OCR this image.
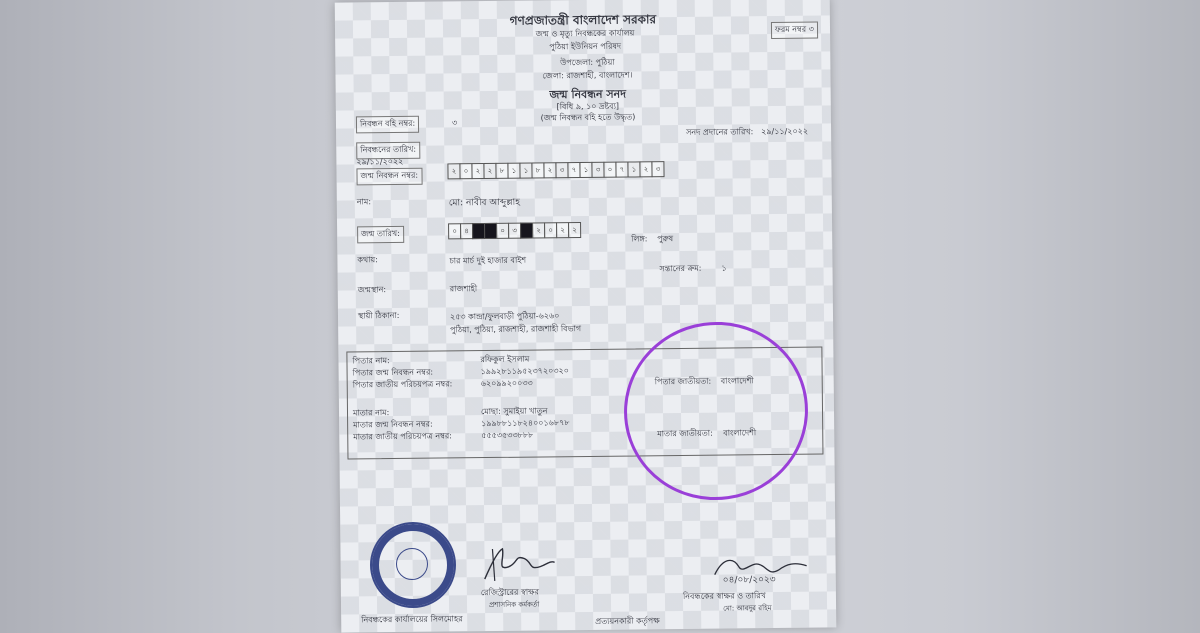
গণপ্রজাতন্ত্রী বাংলাদেশ সরকার
জন্ম ও মৃত্যু নিবন্ধকের কার্যালয়
পুঠিয়া ইউনিয়ন পরিষদ
উপজেলা: পুঠিয়া
জেলা: রাজশাহী, বাংলাদেশ।
জন্ম নিবন্ধন সনদ
[বিধি ৯, ১০ দ্রষ্টব্য]
(জন্ম নিবন্ধন বহি হতে উদ্ধৃত)
ফরম নম্বর ৩
নিবন্ধন বহি নম্বর:	৩
সনদ প্রদানের তারিখ: ২৯/১১/২০২২
নিবন্ধনের তারিখ:
২৯/১১/২০২২
জন্ম নিবন্ধন নম্বর:	২	০	২	২	৮	১	১	৮	২	৩	৭	১	৩	০	৭	১	২	৩
নাম:	মো: নাবীব আব্দুল্লাহ
জন্ম তারিখ:	০	৪	০	৩	২	০	২	২
লিঙ্গ: পুরুষ
কথায়:	চার মার্চ দুই হাজার বাইশ
সন্তানের ক্রম:	১
জন্মস্থান:	রাজশাহী
স্থায়ী ঠিকানা:	২৫৩ কান্দ্রা/ফুলবাড়ী পুঠিয়া-৬২৬০
পুঠিয়া, পুঠিয়া, রাজশাহী, রাজশাহী বিভাগ
পিতার নাম:	রফিকুল ইসলাম
পিতার জন্ম নিবন্ধন নম্বর:	১৯৯২৮১১৯৫২৩৭২০৩২০
পিতার জাতীয় পরিচয়পত্র নম্বর:	৬২০৯৯২০০৩৩	পিতার জাতীয়তা: বাংলাদেশী
মাতার নাম:	মোছা: সুমাইয়া খাতুন
মাতার জন্ম নিবন্ধন নম্বর:	১৯৯৮৮১১৮২৪০০১৬৮৭৮
মাতার জাতীয় পরিচয়পত্র নম্বর:	৫৫৫৩৫৩৩৮৮৮	মাতার জাতীয়তা: বাংলাদেশী
রেজিস্ট্রারের স্বাক্ষর
প্রশাসনিক কর্মকর্তা
০৪/০৮/২০২৩
নিবন্ধকের স্বাক্ষর ও তারিখ
মো: আবদুর রহিম
নিবন্ধকের কার্যালয়ের সিলমোহর	প্রত্যয়নকারী কর্তৃপক্ষ
